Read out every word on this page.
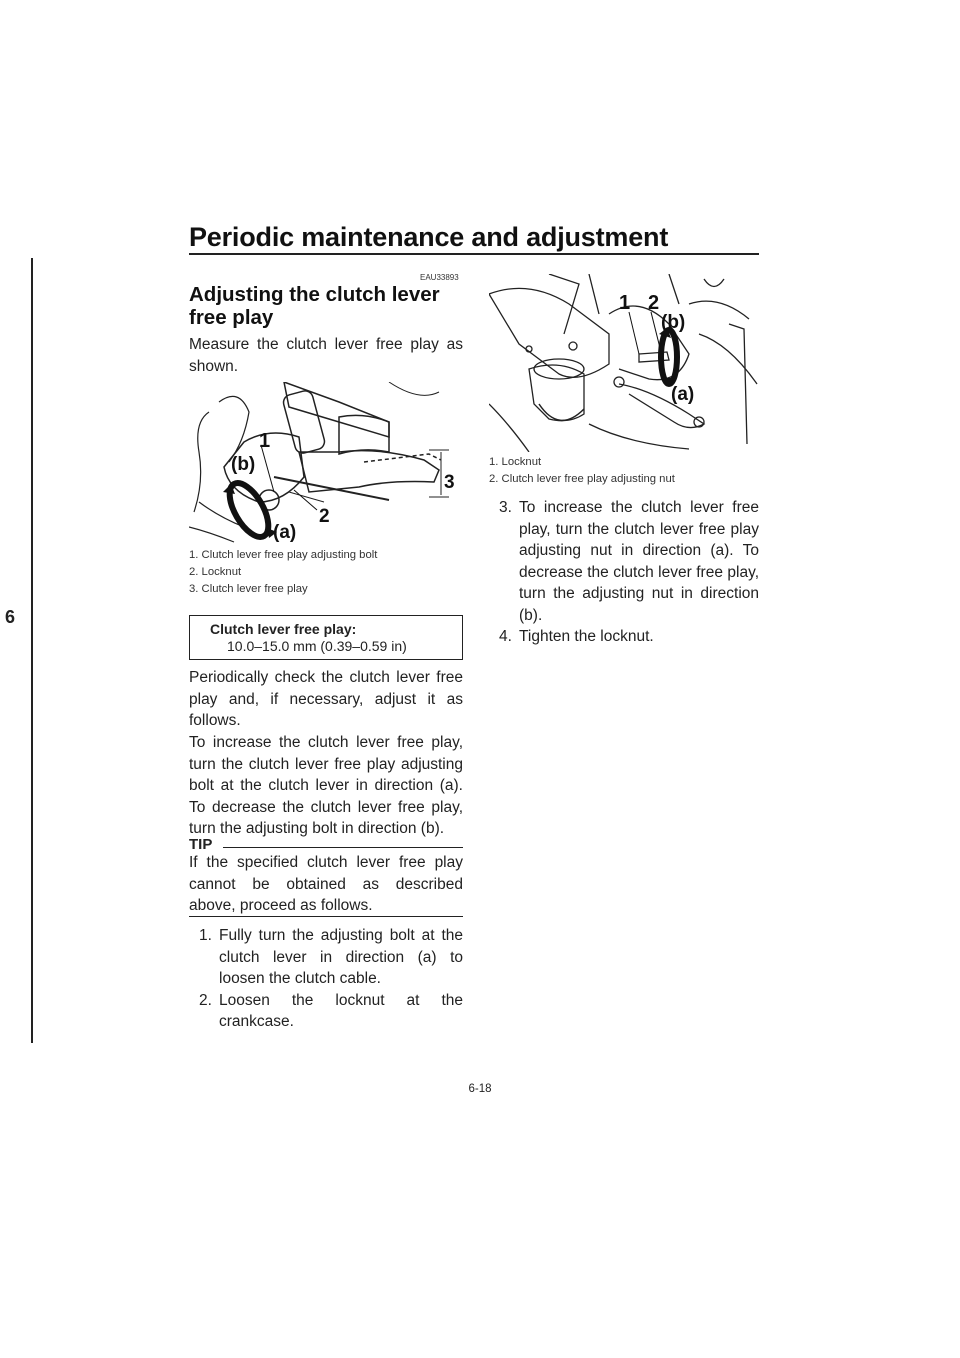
Periodic maintenance and adjustment
6
EAU33893
Adjusting the clutch lever free play
Measure the clutch lever free play as shown.
1
(b)
2
3
(a)
1. Clutch lever free play adjusting bolt
2. Locknut
3. Clutch lever free play
Clutch lever free play:
10.0–15.0 mm (0.39–0.59 in)
Periodically check the clutch lever free play and, if necessary, adjust it as follows.
To increase the clutch lever free play, turn the clutch lever free play adjusting bolt at the clutch lever in direction (a). To decrease the clutch lever free play, turn the adjusting bolt in direction (b).
TIP
If the specified clutch lever free play cannot be obtained as described above, proceed as follows.
1. Fully turn the adjusting bolt at the clutch lever in direction (a) to loosen the clutch cable.
2. Loosen the locknut at the crankcase.
1 2
(b)
(a)
1. Locknut
2. Clutch lever free play adjusting nut
3. To increase the clutch lever free play, turn the clutch lever free play adjusting nut in direction (a). To decrease the clutch lever free play, turn the adjusting nut in direction (b).
4. Tighten the locknut.
6-18
